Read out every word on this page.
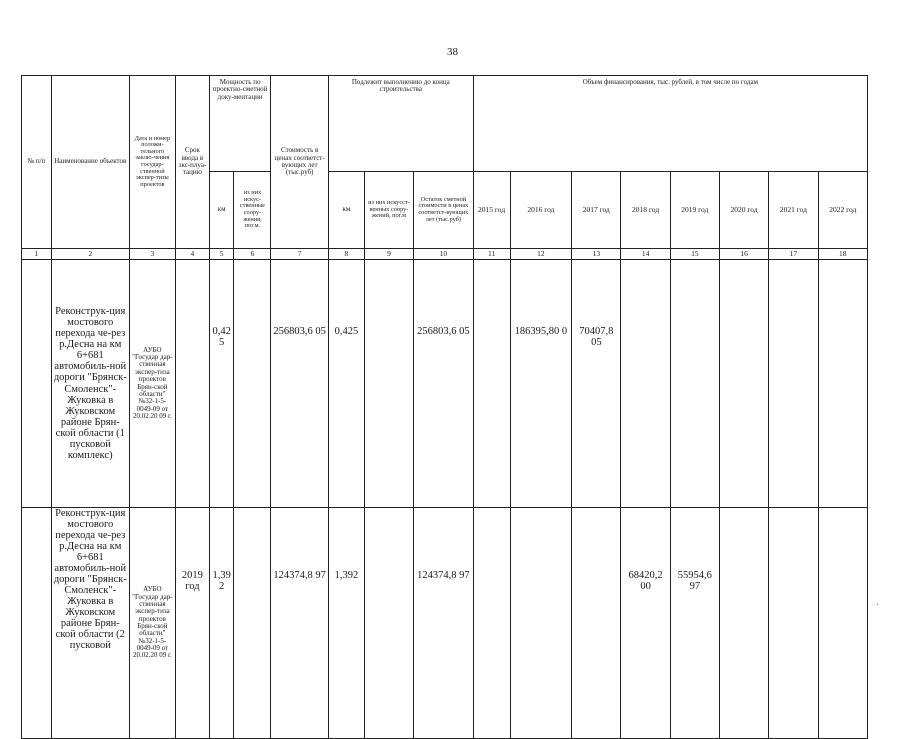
38
№ п/п	Наименование объектов	Дата и номер положи-тельного заклю-чения государ-ственной экспер-тизы проектов	Срок ввода в экс-плуа-тацию	Мощность по проектно-сметной доку-ментации		Стоимость в ценах соответст-вующих лет (тыс.руб)	Подлежит выполнению до конца строительства			Объем финансирования, тыс. рублей, в том числе по годам							

				км	из них искус-ственные соору-жения, пог.м.		км	из них искусст-венных соору-жений, пог.м	Остаток сметной стоимости в ценах соответст-вующих лет (тыс.руб)	2015 год	2016 год	2017 год	2018 год	2019 год	2020 год	2021 год	2022 год
1	2	3	4	5	6	7	8	9	10	11	12	13	14	15	16	17	18
	Реконструк-ция мостового перехода че-рез р.Десна на км 6+681 автомобиль-ной дороги "Брянск-Смоленск"-Жуковка в Жуковском районе Брян-ской области (1 пусковой комплекс)	АУБО "Государ дар-ственная экспер-тиза проектов Брян-ской области" №32-1-5-0049-09 от 20.02.20 09 г.		0,42 5		256803,6 05	0,425		256803,6 05		186395,80 0	70407,8 05					
	Реконструк-ция мостового перехода че-рез р.Десна на км 6+681 автомобиль-ной дороги "Брянск-Смоленск"-Жуковка в Жуковском районе Брян-ской области (2 пусковой	АУБО "Государ дар-ственная экспер-тиза проектов Брян-ской области" №32-1-5-0049-09 от 20.02.20 09 г.	2019 год	1,39 2		124374,8 97	1,392		124374,8 97				68420,2 00	55954,6 97			
